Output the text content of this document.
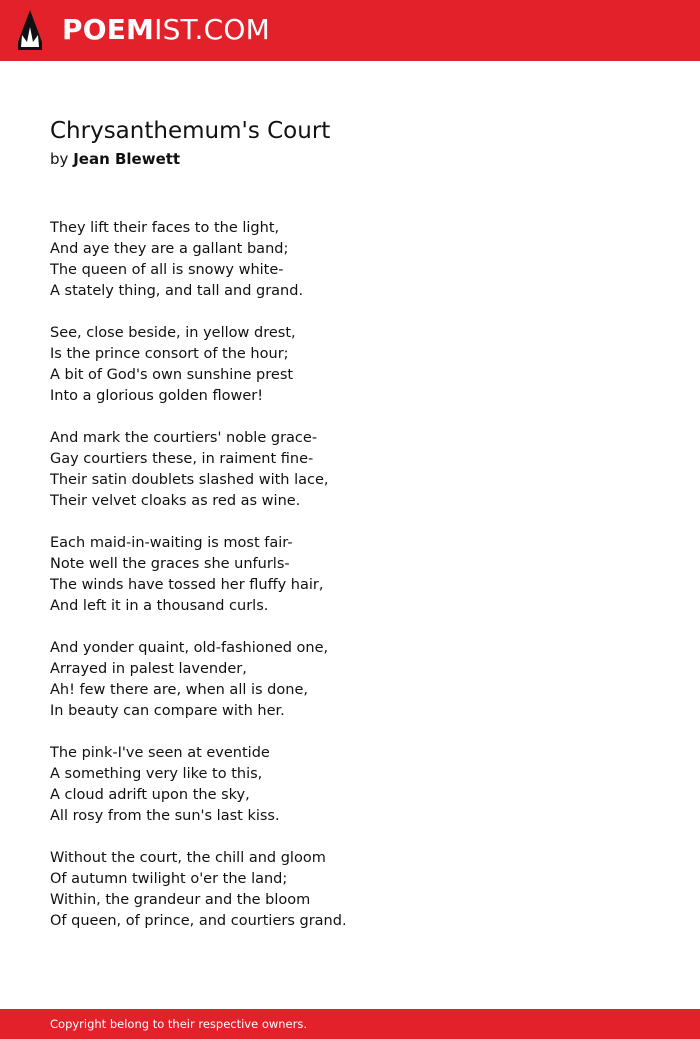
POEMIST.COM
Chrysanthemum's Court
by Jean Blewett
They lift their faces to the light,
And aye they are a gallant band;
The queen of all is snowy white-
A stately thing, and tall and grand.
See, close beside, in yellow drest,
Is the prince consort of the hour;
A bit of God's own sunshine prest
Into a glorious golden flower!
And mark the courtiers' noble grace-
Gay courtiers these, in raiment fine-
Their satin doublets slashed with lace,
Their velvet cloaks as red as wine.
Each maid-in-waiting is most fair-
Note well the graces she unfurls-
The winds have tossed her fluffy hair,
And left it in a thousand curls.
And yonder quaint, old-fashioned one,
Arrayed in palest lavender,
Ah! few there are, when all is done,
In beauty can compare with her.
The pink-I've seen at eventide
A something very like to this,
A cloud adrift upon the sky,
All rosy from the sun's last kiss.
Without the court, the chill and gloom
Of autumn twilight o'er the land;
Within, the grandeur and the bloom
Of queen, of prince, and courtiers grand.
Copyright belong to their respective owners.
